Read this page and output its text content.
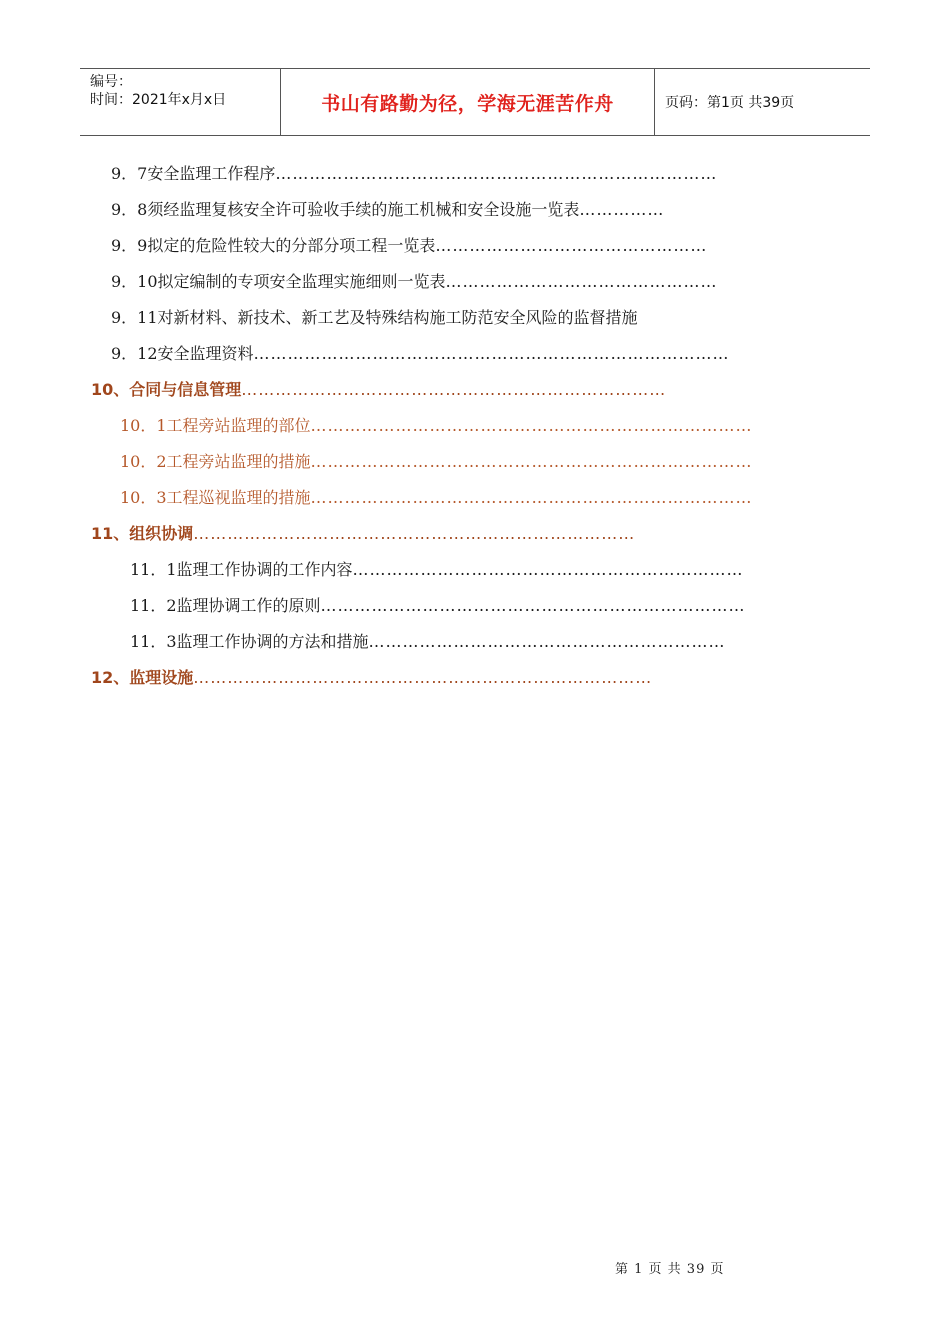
编号：
时间：2021年x月x日	书山有路勤为径，学海无涯苦作舟	页码：第1页 共39页
9．7安全监理工作程序……………………………………………………………………
9．8须经监理复核安全许可验收手续的施工机械和安全设施一览表……………
9．9拟定的危险性较大的分部分项工程一览表…………………………………………
9．10拟定编制的专项安全监理实施细则一览表…………………………………………
9．11对新材料、新技术、新工艺及特殊结构施工防范安全风险的监督措施
9．12安全监理资料…………………………………………………………………………
10、合同与信息管理…………………………………………………………………
10．1工程旁站监理的部位……………………………………………………………………
10．2工程旁站监理的措施……………………………………………………………………
10．3工程巡视监理的措施……………………………………………………………………
11、组织协调……………………………………………………………………
11．1监理工作协调的工作内容……………………………………………………………
11．2监理协调工作的原则…………………………………………………………………
11．3监理工作协调的方法和措施………………………………………………………
12、监理设施………………………………………………………………………
第 1 页 共 39 页
